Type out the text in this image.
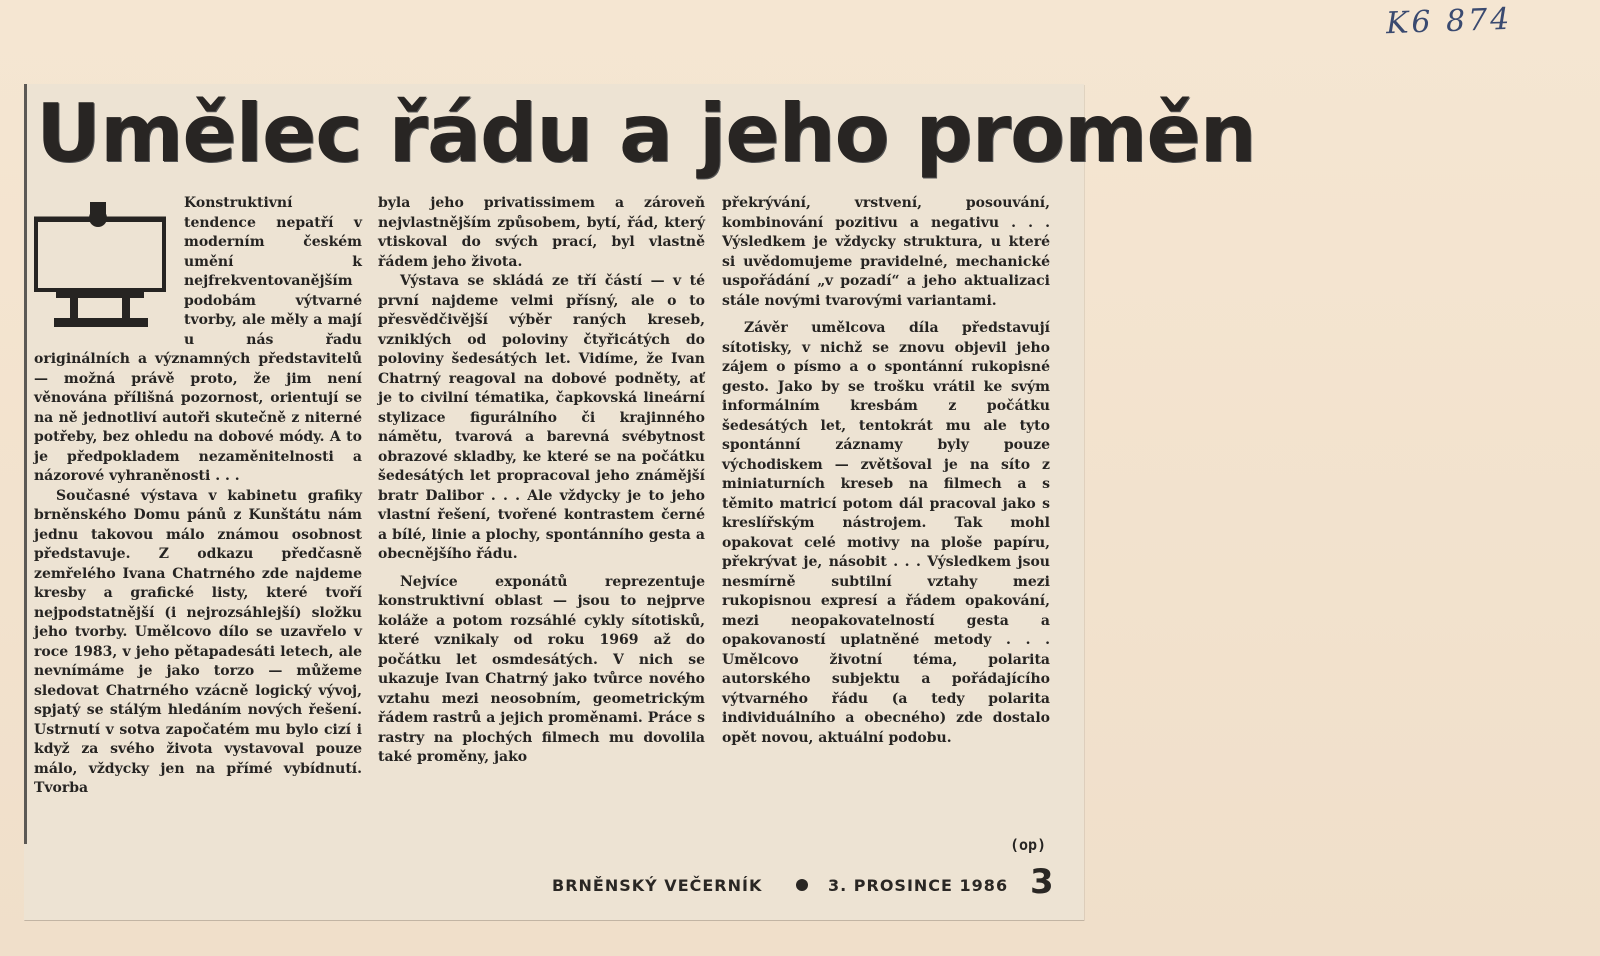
K6 874
Umělec řádu a jeho proměn

Konstruktivní tendence nepatří v moderním českém umění k nejfrekventovanějším podobám výtvarné tvorby, ale měly a mají u nás řadu originálních a významných představitelů — možná právě proto, že jim není věnována přílišná pozornost, orientují se na ně jednotliví autoři skutečně z niterné potřeby, bez ohledu na dobové módy. A to je předpokladem nezaměnitelnosti a názorové vyhraněnosti . . .

Současné výstava v kabinetu grafiky brněnského Domu pánů z Kunštátu nám jednu takovou málo známou osobnost představuje. Z odkazu předčasně zemřelého Ivana Chatrného zde najdeme kresby a grafické listy, které tvoří nejpodstatnější (i nejrozsáhlejší) složku jeho tvorby. Umělcovo dílo se uzavřelo v roce 1983, v jeho pětapadesáti letech, ale nevnímáme je jako torzo — můžeme sledovat Chatrného vzácně logický vývoj, spjatý se stálým hledáním nových řešení. Ustrnutí v sotva započatém mu bylo cizí i když za svého života vystavoval pouze málo, vždycky jen na přímé vybídnutí. Tvorba

byla jeho privatissimem a zároveň nejvlastnějším způsobem, bytí, řád, který vtiskoval do svých prací, byl vlastně řádem jeho života.

Výstava se skládá ze tří částí — v té první najdeme velmi přísný, ale o to přesvědčivější výběr raných kreseb, vzniklých od poloviny čtyřicátých do poloviny šedesátých let. Vidíme, že Ivan Chatrný reagoval na dobové podněty, ať je to civilní tématika, čapkovská lineární stylizace figurálního či krajinného námětu, tvarová a barevná svébytnost obrazové skladby, ke které se na počátku šedesátých let propracoval jeho známější bratr Dalibor . . . Ale vždycky je to jeho vlastní řešení, tvořené kontrastem černé a bílé, linie a plochy, spontánního gesta a obecnějšího řádu.

Nejvíce exponátů reprezentuje konstruktivní oblast — jsou to nejprve koláže a potom rozsáhlé cykly sítotisků, které vznikaly od roku 1969 až do počátku let osmdesátých. V nich se ukazuje Ivan Chatrný jako tvůrce nového vztahu mezi neosobním, geometrickým řádem rastrů a jejich proměnami. Práce s rastry na plochých filmech mu dovolila také proměny, jako

překrývání, vrstvení, posouvání, kombinování pozitivu a negativu . . . Výsledkem je vždycky struktura, u které si uvědomujeme pravidelné, mechanické uspořádání „v pozadí“ a jeho aktualizaci stále novými tvarovými variantami.

Závěr umělcova díla představují sítotisky, v nichž se znovu objevil jeho zájem o písmo a o spontánní rukopisné gesto. Jako by se trošku vrátil ke svým informálním kresbám z počátku šedesátých let, tentokrát mu ale tyto spontánní záznamy byly pouze východiskem — zvětšoval je na síto z miniaturních kreseb na filmech a s těmito matricí potom dál pracoval jako s kreslířským nástrojem. Tak mohl opakovat celé motivy na ploše papíru, překrývat je, násobit . . . Výsledkem jsou nesmírně subtilní vztahy mezi rukopisnou expresí a řádem opakování, mezi neopakovatelností gesta a opakovaností uplatněné metody . . . Umělcovo životní téma, polarita autorského subjektu a pořádajícího výtvarného řádu (a tedy polarita individuálního a obecného) zde dostalo opět novou, aktuální podobu.

(op)
BRNĚNSKÝ VEČERNÍK	3. PROSINCE 1986 3
